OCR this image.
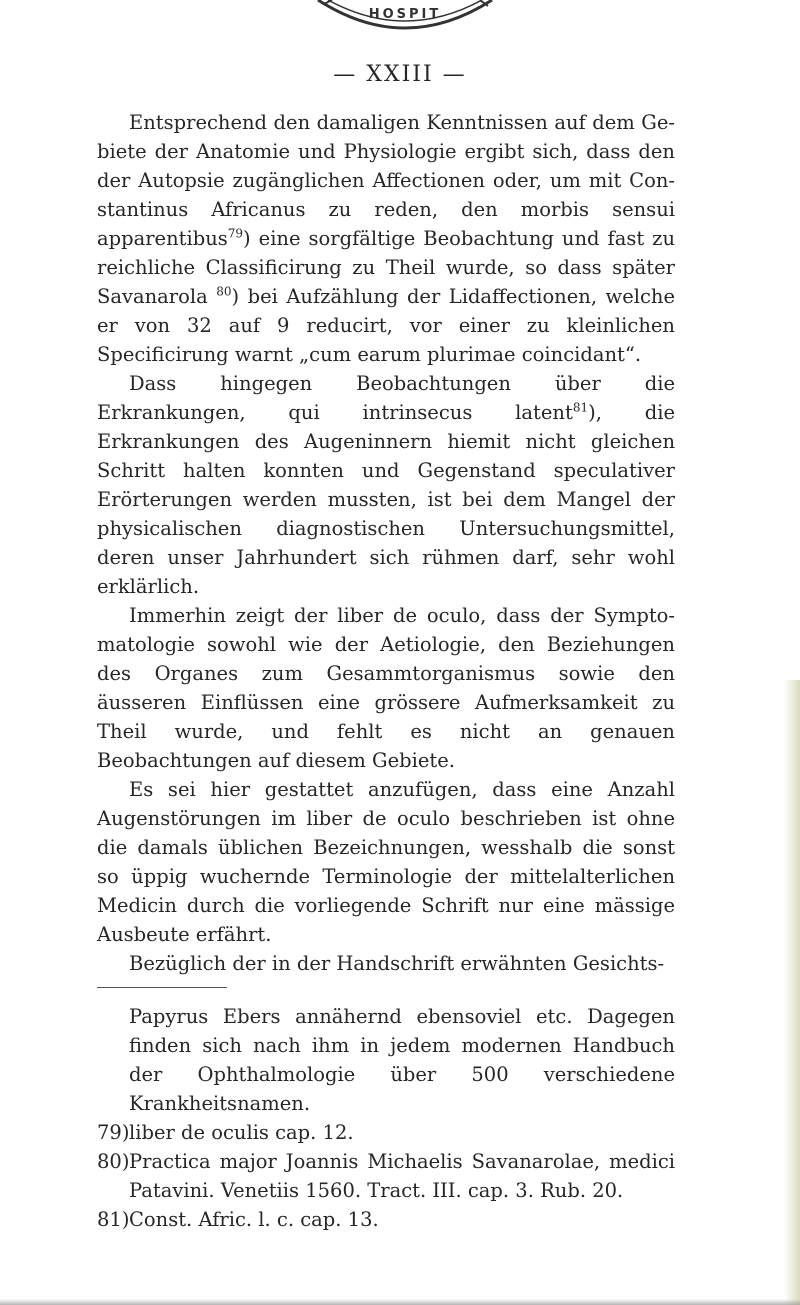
HOSPIT
— XXIII —

Entsprechend den damaligen Kenntnissen auf dem Gebiete der Anatomie und Physiologie ergibt sich, dass den der Autopsie zugänglichen Affectionen oder, um mit Constantinus Africanus zu reden, den morbis sensui apparentibus$^{79}$) eine sorgfältige Beobachtung und fast zu reichliche Classificirung zu Theil wurde, so dass später Savanarola $^{80}$) bei Aufzählung der Lidaffectionen, welche er von 32 auf 9 reducirt, vor einer zu kleinlichen Specificirung warnt „cum earum plurimae coincidant“.

Dass hingegen Beobachtungen über die Erkrankungen, qui intrinsecus latent$^{81}$), die Erkrankungen des Augeninnern hiemit nicht gleichen Schritt halten konnten und Gegenstand speculativer Erörterungen werden mussten, ist bei dem Mangel der physicalischen diagnostischen Untersuchungsmittel, deren unser Jahrhundert sich rühmen darf, sehr wohl erklärlich.

Immerhin zeigt der liber de oculo, dass der Symptomatologie sowohl wie der Aetiologie, den Beziehungen des Organes zum Gesammtorganismus sowie den äusseren Einflüssen eine grössere Aufmerksamkeit zu Theil wurde, und fehlt es nicht an genauen Beobachtungen auf diesem Gebiete.

Es sei hier gestattet anzufügen, dass eine Anzahl Augenstörungen im liber de oculo beschrieben ist ohne die damals üblichen Bezeichnungen, wesshalb die sonst so üppig wuchernde Terminologie der mittelalterlichen Medicin durch die vorliegende Schrift nur eine mässige Ausbeute erfährt.

Bezüglich der in der Handschrift erwähnten Gesichts-

Papyrus Ebers annähernd ebensoviel etc. Dagegen finden sich nach ihm in jedem modernen Handbuch der Ophthalmologie über 500 verschiedene Krankheitsnamen.
79) liber de oculis cap. 12.
80) Practica major Joannis Michaelis Savanarolae, medici Patavini. Venetiis 1560. Tract. III. cap. 3. Rub. 20.
81) Const. Afric. l. c. cap. 13.
